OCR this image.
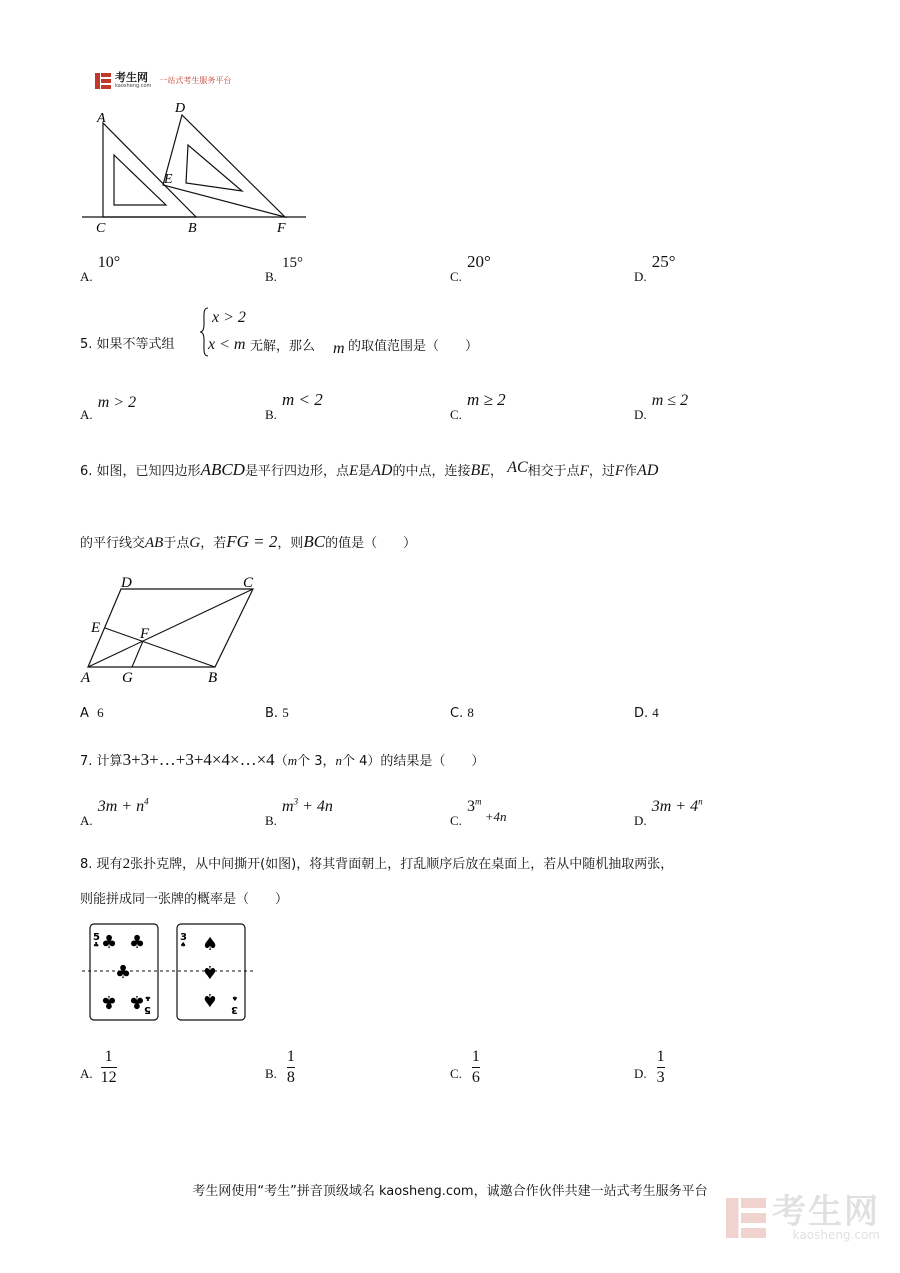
考生网
kaosheng.com
一站式考生服务平台
A
C	B
D
E
F
$_{A.}$ 10°
$_{B.}$ 15°
$_{C.}$ 20°
$_{D.}$ 25°
5. 如果不等式组
x > 2
x < m 无解，那么 m 的取值范围是（　　）
$_{A.}$ m > 2
$_{B.}$ m < 2
$_{C.}$ m ≥ 2
$_{D.}$ m ≤ 2
6. 如图，已知四边形ABCD是平行四边形，点E是AD的中点，连接BE， AC相交于点F，过F作AD
的平行线交AB于点G，若FG = 2，则BC的值是（　　）
D	C
E	F
A G	B
A 6	B. 5	C. 8	D. 4
7. 计算3+3+…+3+4×4×…×4（m个 3，n个 4）的结果是（　　）
$_{A.}$ $3m + n^4$
$_{B.}$ $m^3 + 4n$
$_{C.}$ 3$^m$ $_{+4n}$	$_{D.}$ $3m + 4^n$
8. 现有2张扑克牌，从中间撕开(如图)，将其背面朝上，打乱顺序后放在桌面上，若从中随机抽取两张，
则能拼成同一张牌的概率是（　　）
5
♣ ♣ ♣
♣
♣ ♣ 5
♣
3
♠ ♠
♠
♠ 3
♠
A. $\frac{1}{12}$	B. $\frac{1}{8}$	C. $\frac{1}{6}$	D. $\frac{1}{3}$
考生网使用“考生”拼音顶级域名 kaosheng.com，诚邀合作伙伴共建一站式考生服务平台
考生网
kaosheng.com
